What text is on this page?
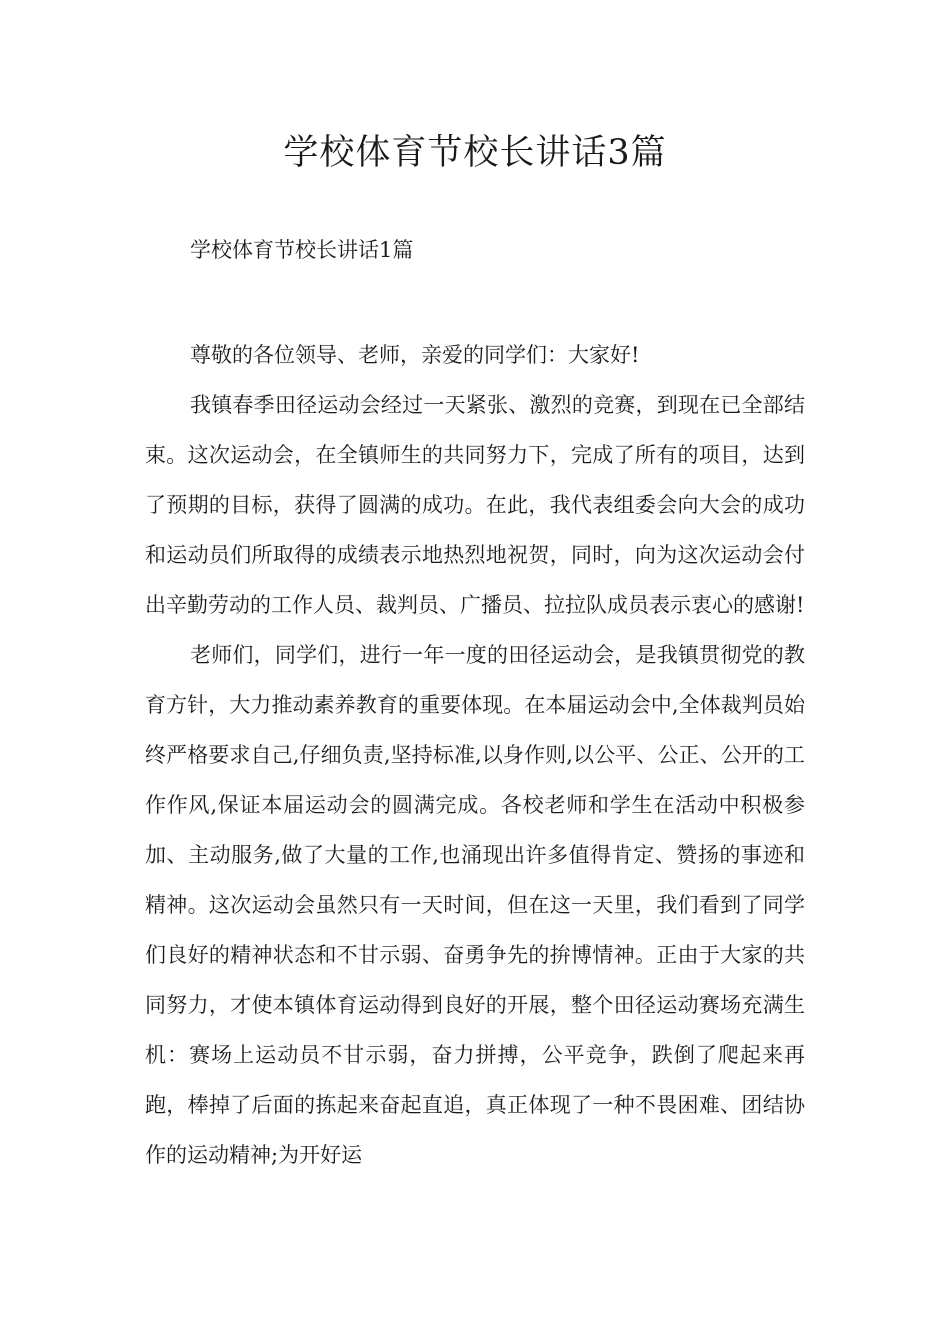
学校体育节校长讲话3篇

学校体育节校长讲话1篇

尊敬的各位领导、老师，亲爱的同学们：大家好!

我镇春季田径运动会经过一天紧张、激烈的竞赛，到现在已全部结束。这次运动会，在全镇师生的共同努力下，完成了所有的项目，达到了预期的目标，获得了圆满的成功。在此，我代表组委会向大会的成功和运动员们所取得的成绩表示地热烈地祝贺，同时，向为这次运动会付出辛勤劳动的工作人员、裁判员、广播员、拉拉队成员表示衷心的感谢!

老师们，同学们，进行一年一度的田径运动会，是我镇贯彻党的教育方针，大力推动素养教育的重要体现。在本届运动会中,全体裁判员始终严格要求自己,仔细负责,坚持标准,以身作则,以公平、公正、公开的工作作风,保证本届运动会的圆满完成。各校老师和学生在活动中积极参加、主动服务,做了大量的工作,也涌现出许多值得肯定、赞扬的事迹和精神。这次运动会虽然只有一天时间，但在这一天里，我们看到了同学们良好的精神状态和不甘示弱、奋勇争先的拚博情神。正由于大家的共同努力，才使本镇体育运动得到良好的开展，整个田径运动赛场充满生机：赛场上运动员不甘示弱，奋力拼搏，公平竞争，跌倒了爬起来再跑，棒掉了后面的拣起来奋起直追，真正体现了一种不畏困难、团结协作的运动精神;为开好运
